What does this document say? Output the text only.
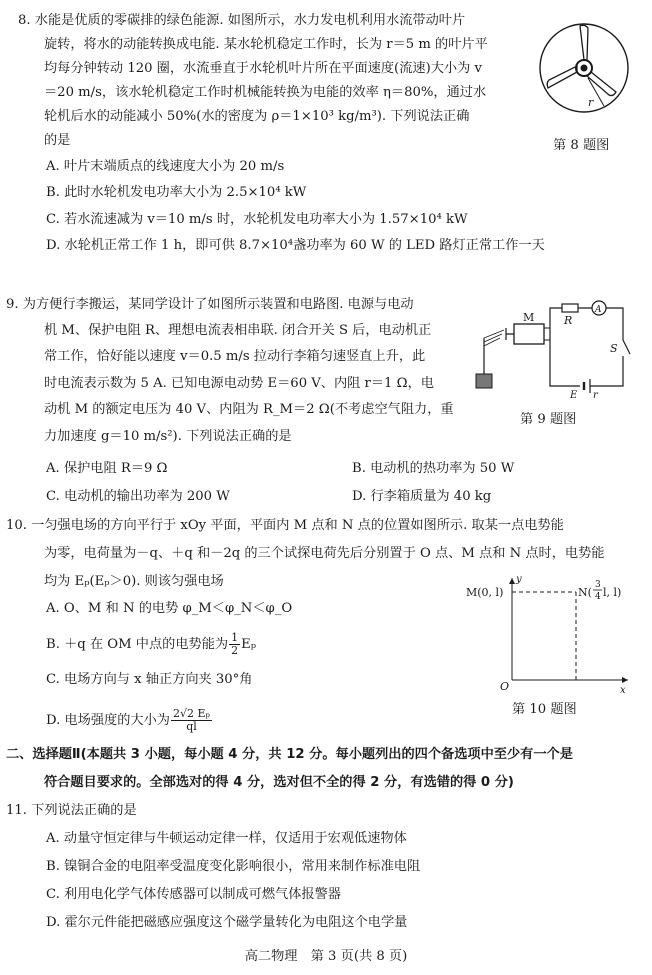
8. 水能是优质的零碳排的绿色能源. 如图所示，水力发电机利用水流带动叶片
旋转，将水的动能转换成电能. 某水轮机稳定工作时，长为 r＝5 m 的叶片平
均每分钟转动 120 圈，水流垂直于水轮机叶片所在平面速度(流速)大小为 v
＝20 m/s，该水轮机稳定工作时机械能转换为电能的效率 η＝80%，通过水
轮机后水的动能减小 50%(水的密度为 ρ＝1×10³ kg/m³). 下列说法正确
的是
A. 叶片末端质点的线速度大小为 20 m/s
B. 此时水轮机发电功率大小为 2.5×10⁴ kW
C. 若水流速减为 v＝10 m/s 时，水轮机发电功率大小为 1.57×10⁴ kW
D. 水轮机正常工作 1 h，即可供 8.7×10⁴盏功率为 60 W 的 LED 路灯正常工作一天
r
第 8 题图
9. 为方便行李搬运，某同学设计了如图所示装置和电路图. 电源与电动
机 M、保护电阻 R、理想电流表相串联. 闭合开关 S 后，电动机正
常工作，恰好能以速度 v＝0.5 m/s 拉动行李箱匀速竖直上升，此
时电流表示数为 5 A. 已知电源电动势 E＝60 V、内阻 r＝1 Ω，电
动机 M 的额定电压为 40 V、内阻为 R_M＝2 Ω(不考虑空气阻力，重
力加速度 g＝10 m/s²). 下列说法正确的是
A. 保护电阻 R＝9 Ω	B. 电动机的热功率为 50 W
C. 电动机的输出功率为 200 W	D. 行李箱质量为 40 kg
M	R
A
S
E r
第 9 题图
10. 一匀强电场的方向平行于 xOy 平面，平面内 M 点和 N 点的位置如图所示. 取某一点电势能
为零，电荷量为－q、＋q 和－2q 的三个试探电荷先后分别置于 O 点、M 点和 N 点时，电势能
均为 Eₚ(Eₚ＞0). 则该匀强电场
A. O、M 和 N 的电势 φ_M＜φ_N＜φ_O
B. ＋q 在 OM 中点的电势能为 $\frac{1}{2}$ Eₚ
C. 电场方向与 x 轴正方向夹 30°角
D. 电场强度的大小为 $\frac{\text{2√2 Eₚ}}{ql}$
M(0, l)	N(
3
4 l, l)
O	x
y
第 10 题图
二、选择题Ⅱ(本题共 3 小题，每小题 4 分，共 12 分。每小题列出的四个备选项中至少有一个是
符合题目要求的。全部选对的得 4 分，选对但不全的得 2 分，有选错的得 0 分)
11. 下列说法正确的是
A. 动量守恒定律与牛顿运动定律一样，仅适用于宏观低速物体
B. 镍铜合金的电阻率受温度变化影响很小，常用来制作标准电阻
C. 利用电化学气体传感器可以制成可燃气体报警器
D. 霍尔元件能把磁感应强度这个磁学量转化为电阻这个电学量
高二物理　第 3 页(共 8 页)
